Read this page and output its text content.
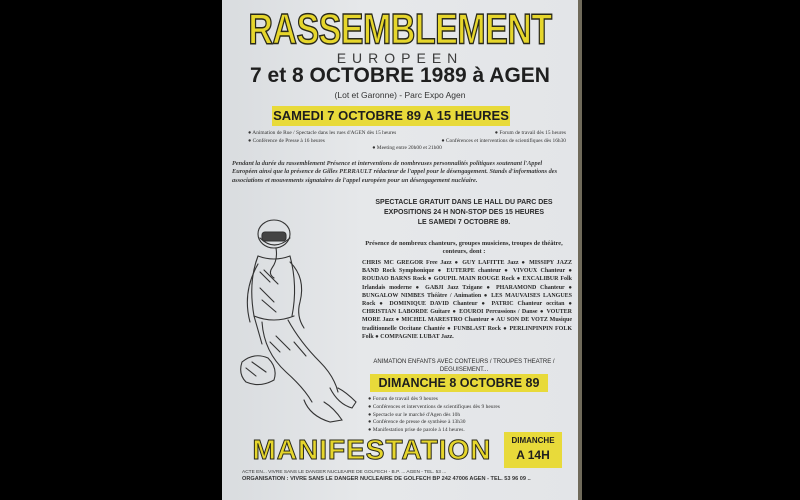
RASSEMBLEMENT
EUROPEEN
7 et 8 OCTOBRE 1989 à AGEN
(Lot et Garonne) - Parc Expo Agen
SAMEDI 7 OCTOBRE 89 A 15 HEURES
● Animation de Rue / Spectacle dans les rues d'AGEN dès 15 heures	● Forum de travail dès 15 heures
● Conférence de Presse à 16 heures	● Conférences et interventions de scientifiques dès 16h30
● Meeting entre 20h00 et 21h00
Pendant la durée du rassemblement Présence et interventions de nombreuses personnalités politiques soutenant l'Appel Européen ainsi que la présence de Gilles PERRAULT rédacteur de l'appel pour le désengagement. Stands d'informations des associations et mouvements signataires de l'appel européen pour un désengagement nucléaire.
SPECTACLE GRATUIT DANS LE HALL DU PARC DES
EXPOSITIONS 24 H NON-STOP DES 15 HEURES
LE SAMEDI 7 OCTOBRE 89.
Présence de nombreux chanteurs, groupes musiciens, troupes de théâtre, conteurs, dont :
CHRIS MC GREGOR Free Jazz ● GUY LAFITTE Jazz ● MISSIPY JAZZ BAND Rock Symphonique ● EUTERPE chanteur ● VIVOUX Chanteur ● ROUDAO BARNS Rock ● GOUPIL MAIN ROUGE Rock ● EXCALIBUR Folk Irlandais moderne ● GABJI Jazz Tzigane ● PHARAMOND Chanteur ● BUNGALOW NIMBES Théâtre / Animation ● LES MAUVAISES LANGUES Rock ● DOMINIQUE DAVID Chanteur ● PATRIC Chanteur occitan ● CHRISTIAN LABORDE Guitare ● EOUROI Percussions / Danse ● VOUTER MORE Jazz ● MICHEL MARESTRO Chanteur ● AU SON DE VOTZ Musique traditionnelle Occitane Chantée ● FUNBLAST Rock ● PERLINPINPIN FOLK Folk ● COMPAGNIE LUBAT Jazz.
ANIMATION ENFANTS AVEC CONTEURS / TROUPES THEATRE / DEGUISEMENT...
DIMANCHE 8 OCTOBRE 89
● Forum de travail dès 9 heures
● Conférences et interventions de scientifiques dès 9 heures
● Spectacle sur le marché d'Agen dès 10h
● Conférence de presse de synthèse à 13h30
● Manifestation prise de parole à 14 heures.
MANIFESTATION	DIMANCHE
A 14H
ACTE EN... VIVRE SANS LE DANGER NUCLEAIRE DE GOLFECH - B.P. ... AGEN - TEL. 53 ...
ORGANISATION : VIVRE SANS LE DANGER NUCLEAIRE DE GOLFECH BP 242 47006 AGEN - TEL. 53 96 09 ..
